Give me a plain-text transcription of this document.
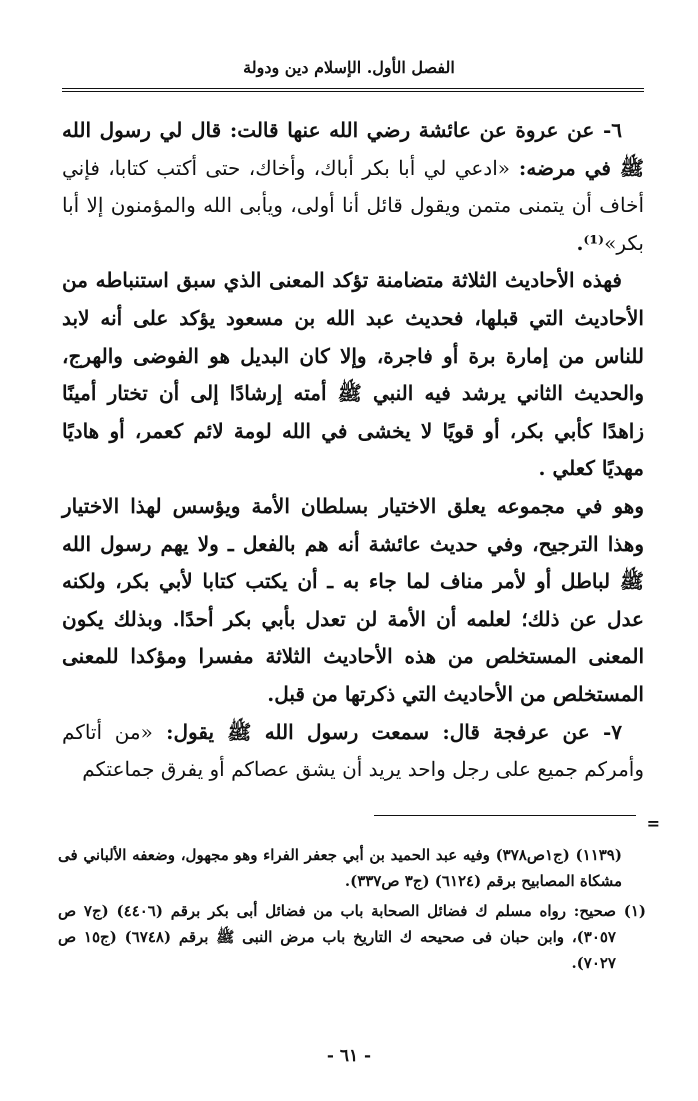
الفصل الأول. الإسلام دين ودولة

٦- عن عروة عن عائشة رضي الله عنها قالت: قال لي رسول الله ﷺ في مرضه: «ادعي لي أبا بكر أباك، وأخاك، حتى أكتب كتابا، فإني أخاف أن يتمنى متمن ويقول قائل أنا أولى، ويأبى الله والمؤمنون إلا أبا بكر»⁽¹⁾.

فهذه الأحاديث الثلاثة متضامنة تؤكد المعنى الذي سبق استنباطه من الأحاديث التي قبلها، فحديث عبد الله بن مسعود يؤكد على أنه لابد للناس من إمارة برة أو فاجرة، وإلا كان البديل هو الفوضى والهرج، والحديث الثاني يرشد فيه النبي ﷺ أمته إرشادًا إلى أن تختار أمينًا زاهدًا كأبي بكر، أو قويًا لا يخشى في الله لومة لائم كعمر، أو هاديًا مهديًا كعلي .

وهو في مجموعه يعلق الاختيار بسلطان الأمة ويؤسس لهذا الاختيار وهذا الترجيح، وفي حديث عائشة أنه هم بالفعل ـ ولا يهم رسول الله ﷺ لباطل أو لأمر مناف لما جاء به ـ أن يكتب كتابا لأبي بكر، ولكنه عدل عن ذلك؛ لعلمه أن الأمة لن تعدل بأبي بكر أحدًا. وبذلك يكون المعنى المستخلص من هذه الأحاديث الثلاثة مفسرا ومؤكدا للمعنى المستخلص من الأحاديث التي ذكرتها من قبل.

٧- عن عرفجة قال: سمعت رسول الله ﷺ يقول: «من أتاكم وأمركم جميع على رجل واحد يريد أن يشق عصاكم أو يفرق جماعتكم

=

(١١٣٩) (ج١ص٣٧٨) وفيه عبد الحميد بن أبي جعفر الفراء وهو مجهول، وضعفه الألباني فى مشكاة المصابيح برقم (٦١٢٤) (ج٣ ص٣٣٧).

(١) صحيح: رواه مسلم ك فضائل الصحابة باب من فضائل أبى بكر برقم (٤٤٠٦) (ج٧ ص ٣٠٥٧)، وابن حبان فى صحيحه ك التاريخ باب مرض النبى ﷺ برقم (٦٧٤٨) (ج١٥ ص ٧٠٢٧).

- ٦١ -
